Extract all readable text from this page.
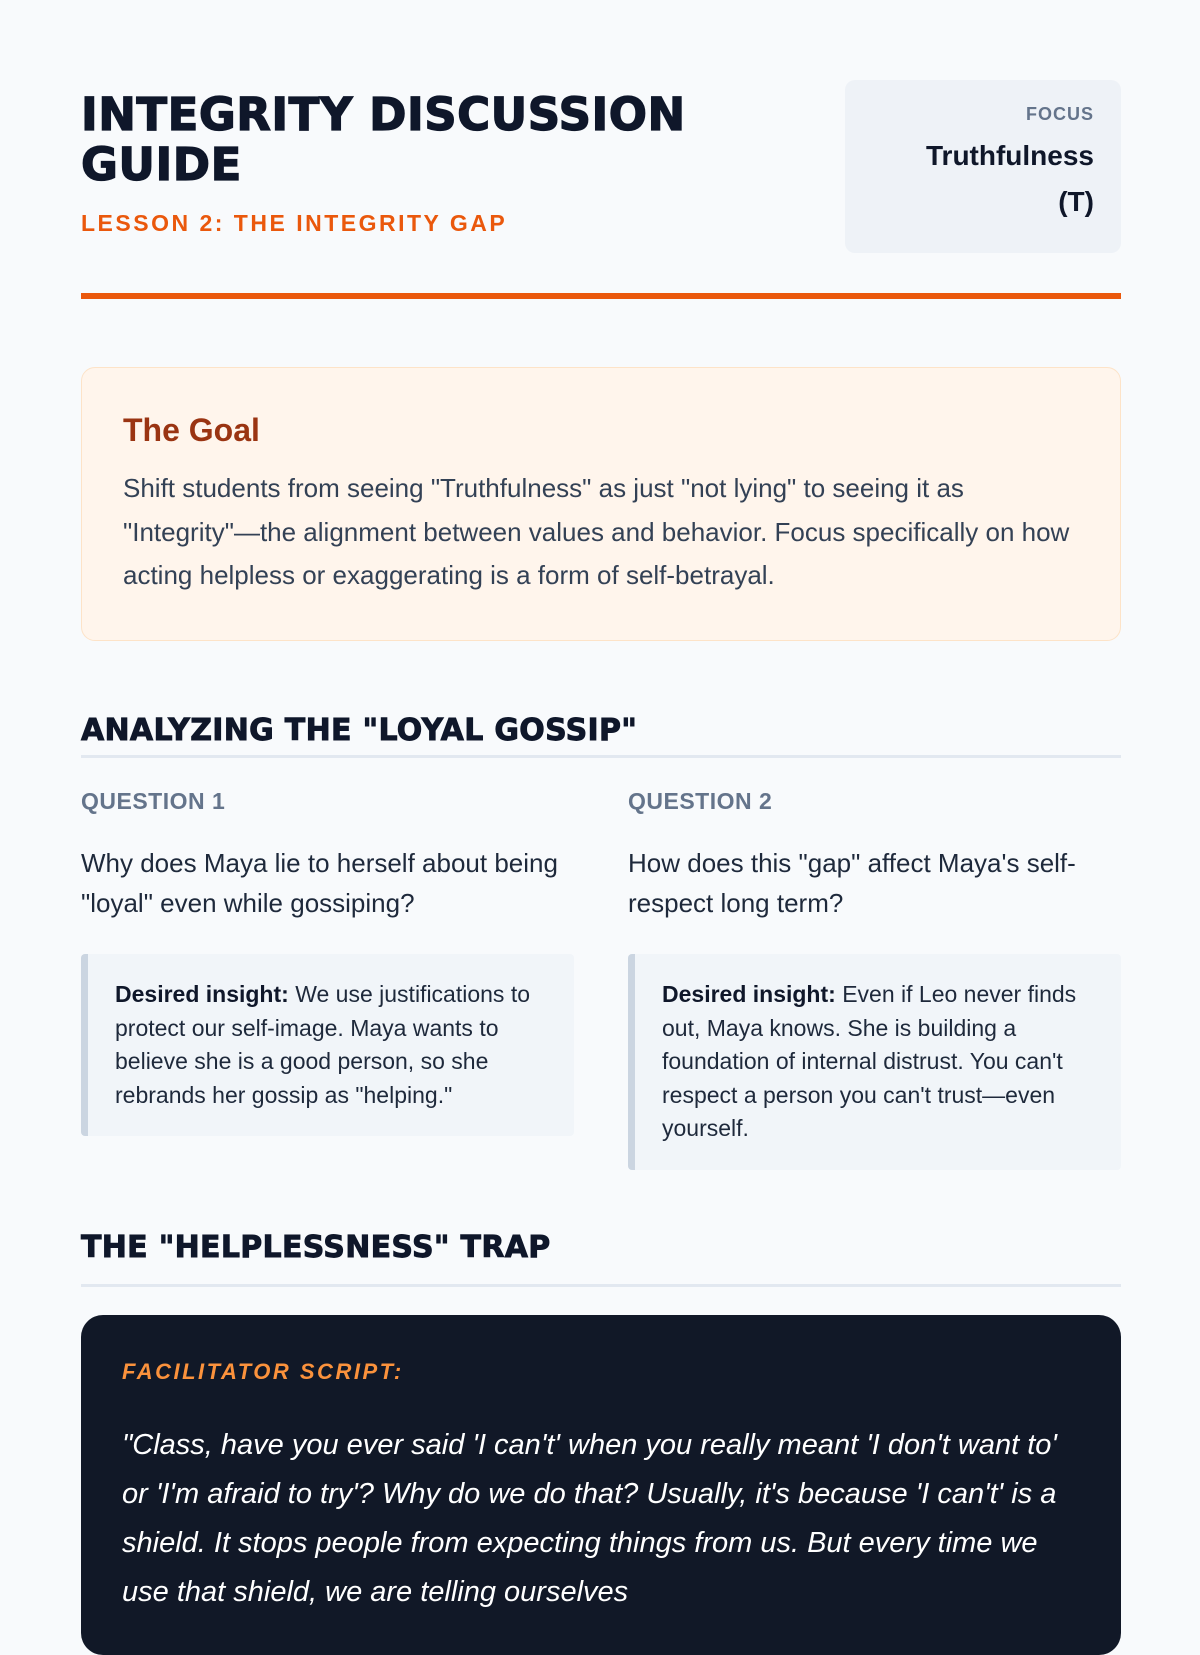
INTEGRITY DISCUSSION GUIDE
LESSON 2: THE INTEGRITY GAP
FOCUS
Truthfulness (T)
The Goal

Shift students from seeing "Truthfulness" as just "not lying" to seeing it as "Integrity"—the alignment between values and behavior. Focus specifically on how acting helpless or exaggerating is a form of self-betrayal.

ANALYZING THE "LOYAL GOSSIP"
QUESTION 1

Why does Maya lie to herself about being "loyal" even while gossiping?

Desired insight: We use justifications to protect our self-image. Maya wants to believe she is a good person, so she rebrands her gossip as "helping."
QUESTION 2

How does this "gap" affect Maya's self-respect long term?

Desired insight: Even if Leo never finds out, Maya knows. She is building a foundation of internal distrust. You can't respect a person you can't trust—even yourself.
THE "HELPLESSNESS" TRAP
FACILITATOR SCRIPT:

"Class, have you ever said 'I can't' when you really meant 'I don't want to' or 'I'm afraid to try'? Why do we do that? Usually, it's because 'I can't' is a shield. It stops people from expecting things from us. But every time we use that shield, we are telling ourselves
